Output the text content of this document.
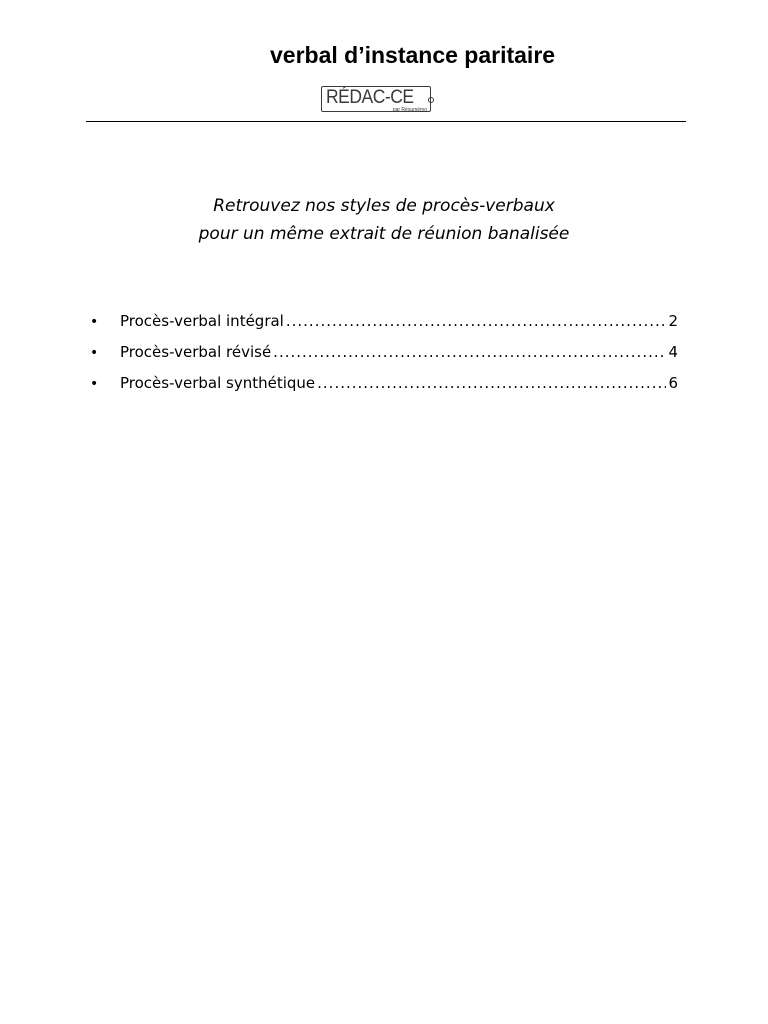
verbal d’instance paritaire
RÉDAC-CE
par Résumémo
Retrouvez nos styles de procès-verbaux
pour un même extrait de réunion banalisée
•	Procès-verbal intégral .....	2
•	Procès-verbal révisé .....	4
•	Procès-verbal synthétique .....	6
